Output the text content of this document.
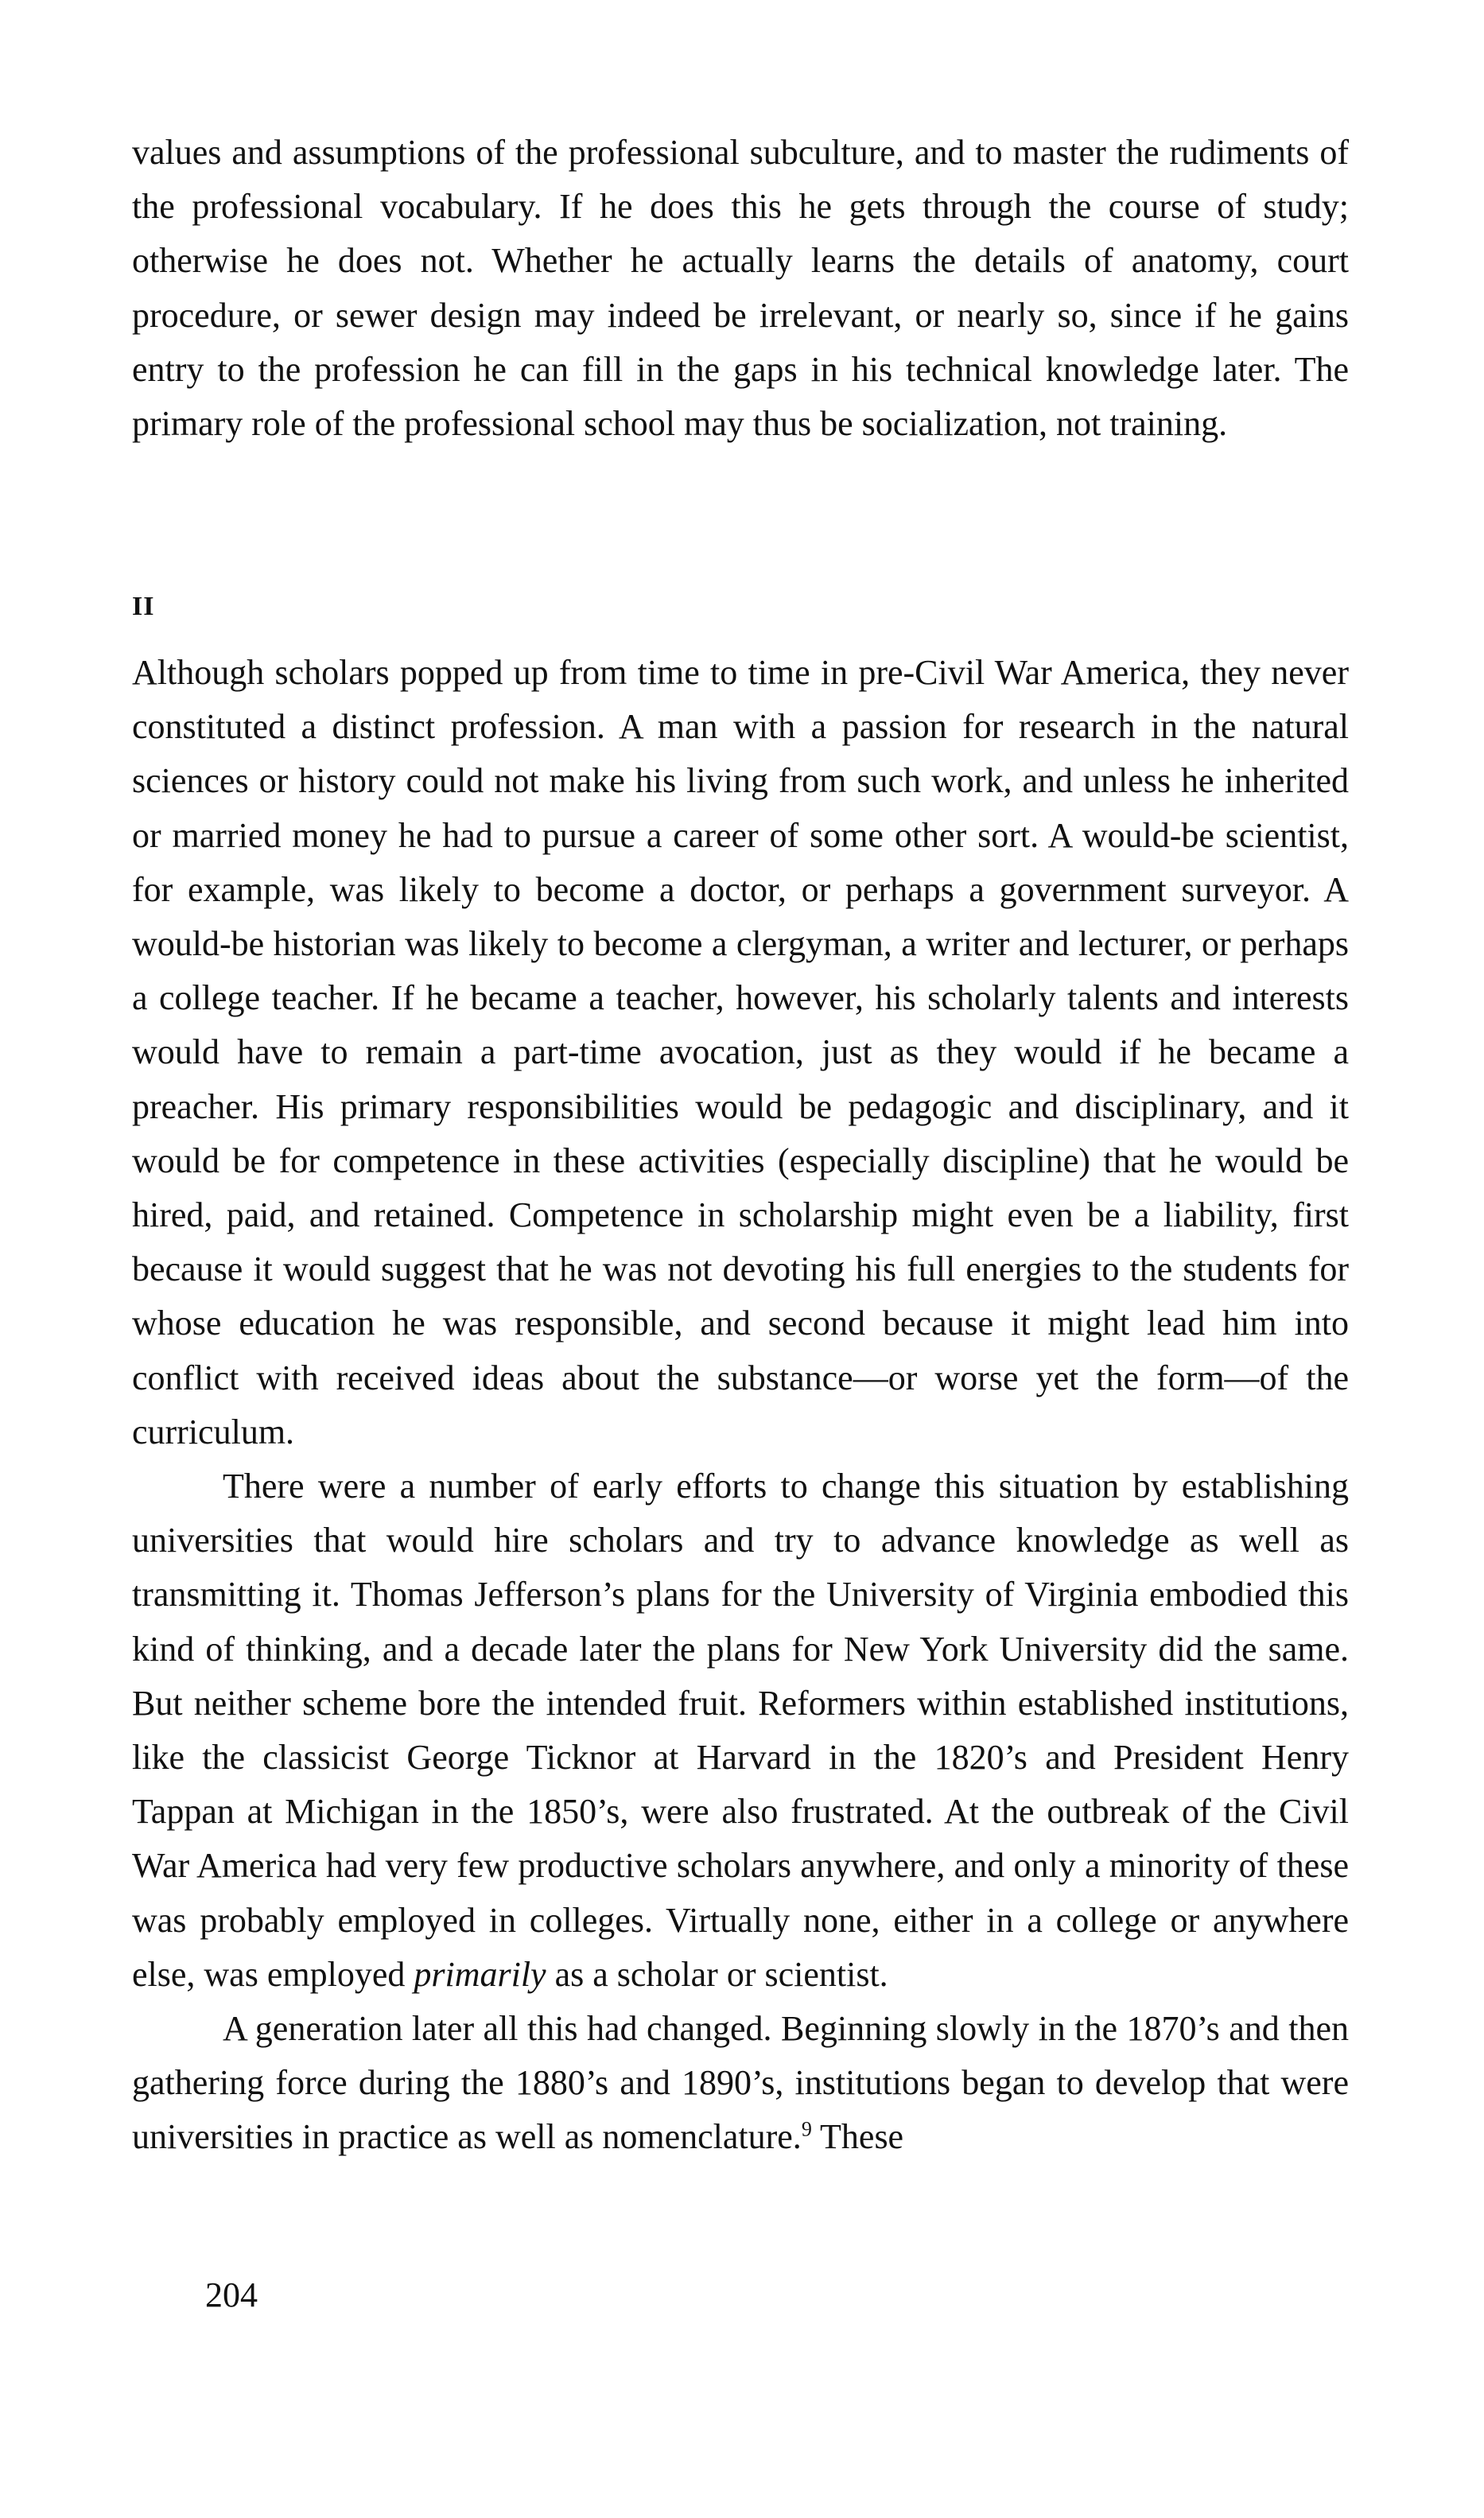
values and assumptions of the professional subculture, and to master the rudiments of the professional vocabulary. If he does this he gets through the course of study; otherwise he does not. Whether he actually learns the details of anatomy, court procedure, or sewer design may indeed be irrelevant, or nearly so, since if he gains entry to the profession he can fill in the gaps in his technical knowledge later. The primary role of the professional school may thus be socialization, not training.

II

Although scholars popped up from time to time in pre-Civil War America, they never constituted a distinct profession. A man with a passion for research in the natural sciences or history could not make his living from such work, and unless he inherited or married money he had to pursue a career of some other sort. A would-be scientist, for example, was likely to become a doctor, or perhaps a government surveyor. A would-be historian was likely to become a clergyman, a writer and lecturer, or perhaps a college teacher. If he became a teacher, however, his scholarly talents and interests would have to remain a part-time avocation, just as they would if he became a preacher. His primary responsibilities would be pedagogic and disciplinary, and it would be for competence in these activities (especially discipline) that he would be hired, paid, and retained. Competence in scholarship might even be a liability, first because it would suggest that he was not devoting his full energies to the students for whose education he was responsible, and second because it might lead him into conflict with received ideas about the substance—or worse yet the form—of the curriculum.

There were a number of early efforts to change this situation by establishing universities that would hire scholars and try to advance knowledge as well as transmitting it. Thomas Jefferson’s plans for the University of Virginia embodied this kind of thinking, and a decade later the plans for New York University did the same. But neither scheme bore the intended fruit. Reformers within established institutions, like the classicist George Ticknor at Harvard in the 1820’s and President Henry Tappan at Michigan in the 1850’s, were also frustrated. At the outbreak of the Civil War America had very few productive scholars anywhere, and only a minority of these was probably employed in colleges. Virtually none, either in a college or anywhere else, was employed primarily as a scholar or scientist.

A generation later all this had changed. Beginning slowly in the 1870’s and then gathering force during the 1880’s and 1890’s, institutions began to develop that were universities in practice as well as nomenclature.$^9$ These

204
